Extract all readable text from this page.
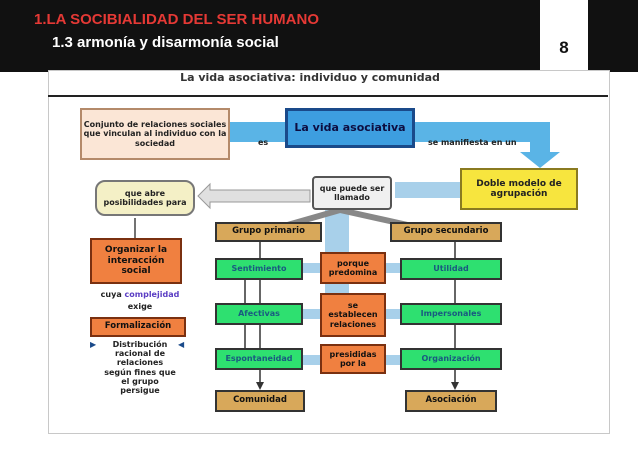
1.LA SOCIBIALIDAD DEL SER HUMANO
1.3 armonía y disarmonía social	8
La vida asociativa: individuo y comunidad
Conjunto de relaciones sociales que vinculan al individuo con la sociedad	es
La vida asociativa
se manifiesta en un
que abre posibilidades para
que puede ser llamado
Doble modelo de agrupación
Organizar la interacción social
cuya complejidad
exige
Formalización
▶	◀
Distribución racional de relaciones según fines que el grupo persigue
Grupo primario	Grupo secundario
Sentimiento
porque predomina	Utilidad
Afectivas
se establecen relaciones
Impersonales
Espontaneidad
presididas por la
Organización
Comunidad	Asociación
